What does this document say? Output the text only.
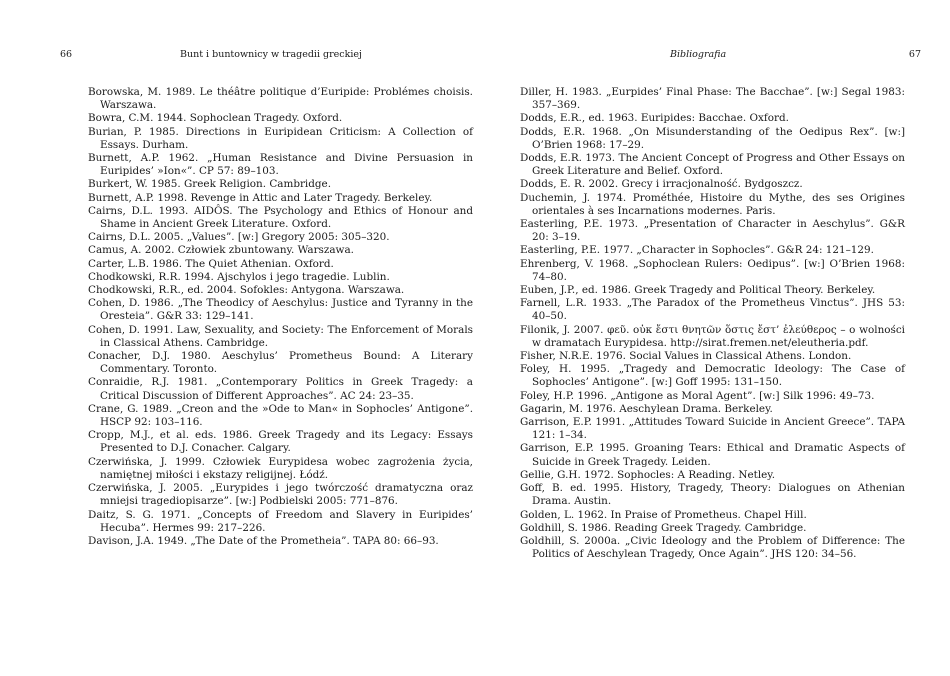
66	Bunt i buntownicy w tragedii greckiej
Borowska, M. 1989. Le théâtre politique d’Euripide: Problémes choisis. Warszawa.
Bowra, C.M. 1944. Sophoclean Tragedy. Oxford.
Burian, P. 1985. Directions in Euripidean Criticism: A Collection of Essays. Durham.
Burnett, A.P. 1962. „Human Resistance and Divine Persuasion in Euripides’ »Ion«”. CP 57: 89–103.
Burkert, W. 1985. Greek Religion. Cambridge.
Burnett, A.P. 1998. Revenge in Attic and Later Tragedy. Berkeley.
Cairns, D.L. 1993. AIDÔS. The Psychology and Ethics of Honour and Shame in Ancient Greek Literature. Oxford.
Cairns, D.L. 2005. „Values”. [w:] Gregory 2005: 305–320.
Camus, A. 2002. Człowiek zbuntowany. Warszawa.
Carter, L.B. 1986. The Quiet Athenian. Oxford.
Chodkowski, R.R. 1994. Ajschylos i jego tragedie. Lublin.
Chodkowski, R.R., ed. 2004. Sofokles: Antygona. Warszawa.
Cohen, D. 1986. „The Theodicy of Aeschylus: Justice and Tyranny in the Oresteia”. G&R 33: 129–141.
Cohen, D. 1991. Law, Sexuality, and Society: The Enforcement of Morals in Classical Athens. Cambridge.
Conacher, D.J. 1980. Aeschylus’ Prometheus Bound: A Literary Commentary. Toronto.
Conraidie, R.J. 1981. „Contemporary Politics in Greek Tragedy: a Critical Discussion of Different Approaches”. AC 24: 23–35.
Crane, G. 1989. „Creon and the »Ode to Man« in Sophocles’ Antigone”. HSCP 92: 103–116.
Cropp, M.J., et al. eds. 1986. Greek Tragedy and its Legacy: Essays Presented to D.J. Conacher. Calgary.
Czerwińska, J. 1999. Człowiek Eurypidesa wobec zagrożenia życia, namiętnej miłości i ekstazy religijnej. Łódź.
Czerwińska, J. 2005. „Eurypides i jego twórczość dramatyczna oraz mniejsi tragediopisarze”. [w:] Podbielski 2005: 771–876.
Daitz, S. G. 1971. „Concepts of Freedom and Slavery in Euripides’ Hecuba”. Hermes 99: 217–226.
Davison, J.A. 1949. „The Date of the Prometheia”. TAPA 80: 66–93.
Bibliografia	67
Diller, H. 1983. „Eurpides’ Final Phase: The Bacchae”. [w:] Segal 1983: 357–369.
Dodds, E.R., ed. 1963. Euripides: Bacchae. Oxford.
Dodds, E.R. 1968. „On Misunderstanding of the Oedipus Rex”. [w:] O’Brien 1968: 17–29.
Dodds, E.R. 1973. The Ancient Concept of Progress and Other Essays on Greek Literature and Belief. Oxford.
Dodds, E. R. 2002. Grecy i irracjonalność. Bydgoszcz.
Duchemin, J. 1974. Prométhée, Histoire du Mythe, des ses Origines orientales à ses Incarnations modernes. Paris.
Easterling, P.E. 1973. „Presentation of Character in Aeschylus”. G&R 20: 3–19.
Easterling, P.E. 1977. „Character in Sophocles”. G&R 24: 121–129.
Ehrenberg, V. 1968. „Sophoclean Rulers: Oedipus”. [w:] O’Brien 1968: 74–80.
Euben, J.P., ed. 1986. Greek Tragedy and Political Theory. Berkeley.
Farnell, L.R. 1933. „The Paradox of the Prometheus Vinctus”. JHS 53: 40–50.
Filonik, J. 2007. φεῦ. οὐκ ἔστι θνητῶν ὅστις ἔστ’ ἐλεύθερος – o wolności w dramatach Eurypidesa. http://sirat.fremen.net/eleutheria.pdf.
Fisher, N.R.E. 1976. Social Values in Classical Athens. London.
Foley, H. 1995. „Tragedy and Democratic Ideology: The Case of Sophocles’ Antigone”. [w:] Goff 1995: 131–150.
Foley, H.P. 1996. „Antigone as Moral Agent”. [w:] Silk 1996: 49–73.
Gagarin, M. 1976. Aeschylean Drama. Berkeley.
Garrison, E.P. 1991. „Attitudes Toward Suicide in Ancient Greece”. TAPA 121: 1–34.
Garrison, E.P. 1995. Groaning Tears: Ethical and Dramatic Aspects of Suicide in Greek Tragedy. Leiden.
Gellie, G.H. 1972. Sophocles: A Reading. Netley.
Goff, B. ed. 1995. History, Tragedy, Theory: Dialogues on Athenian Drama. Austin.
Golden, L. 1962. In Praise of Prometheus. Chapel Hill.
Goldhill, S. 1986. Reading Greek Tragedy. Cambridge.
Goldhill, S. 2000a. „Civic Ideology and the Problem of Difference: The Politics of Aeschylean Tragedy, Once Again”. JHS 120: 34–56.
